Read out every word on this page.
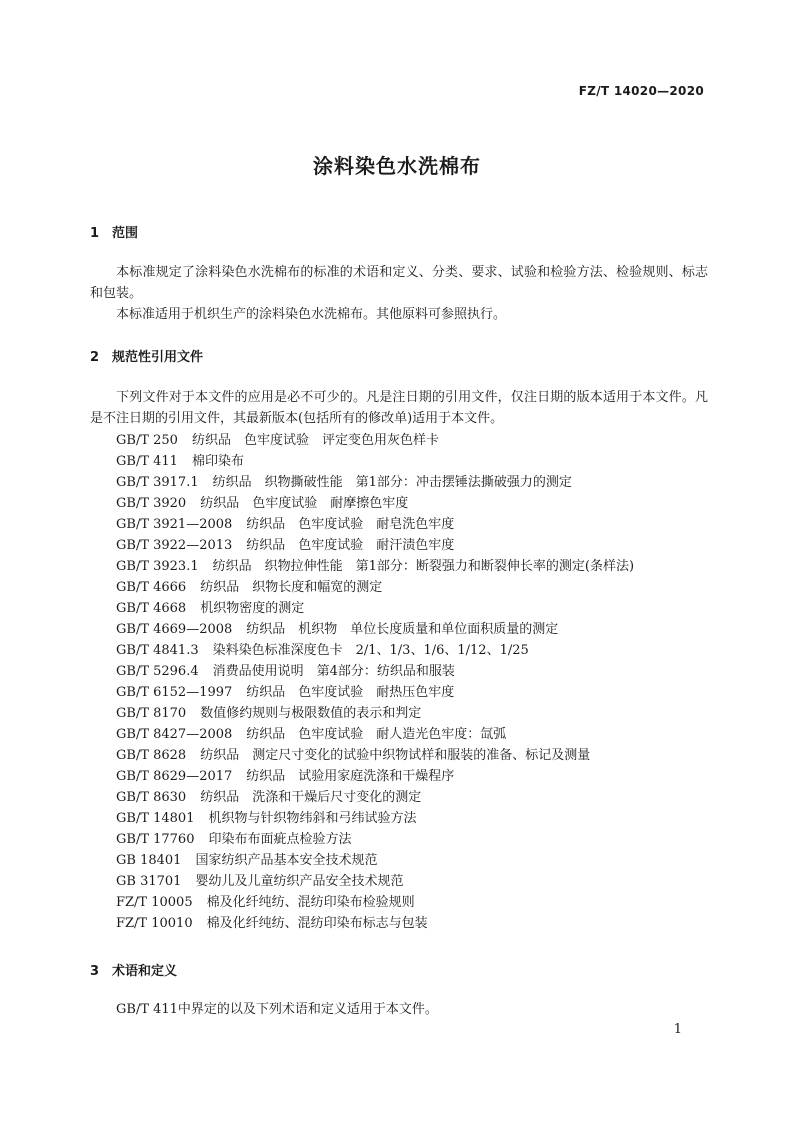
FZ/T 14020—2020
涂料染色水洗棉布
1 范围
本标准规定了涂料染色水洗棉布的标准的术语和定义、分类、要求、试验和检验方法、检验规则、标志和包装。
本标准适用于机织生产的涂料染色水洗棉布。其他原料可参照执行。
2 规范性引用文件
下列文件对于本文件的应用是必不可少的。凡是注日期的引用文件，仅注日期的版本适用于本文件。凡是不注日期的引用文件，其最新版本(包括所有的修改单)适用于本文件。
GB/T 250 纺织品　色牢度试验　评定变色用灰色样卡
GB/T 411 棉印染布
GB/T 3917.1 纺织品　织物撕破性能　第1部分：冲击摆锤法撕破强力的测定
GB/T 3920 纺织品　色牢度试验　耐摩擦色牢度
GB/T 3921—2008 纺织品　色牢度试验　耐皂洗色牢度
GB/T 3922—2013 纺织品　色牢度试验　耐汗渍色牢度
GB/T 3923.1 纺织品　织物拉伸性能　第1部分：断裂强力和断裂伸长率的测定(条样法)
GB/T 4666 纺织品　织物长度和幅宽的测定
GB/T 4668 机织物密度的测定
GB/T 4669—2008 纺织品　机织物　单位长度质量和单位面积质量的测定
GB/T 4841.3 染料染色标准深度色卡　2/1、1/3、1/6、1/12、1/25
GB/T 5296.4 消费品使用说明　第4部分：纺织品和服装
GB/T 6152—1997 纺织品　色牢度试验　耐热压色牢度
GB/T 8170 数值修约规则与极限数值的表示和判定
GB/T 8427—2008 纺织品　色牢度试验　耐人造光色牢度：氙弧
GB/T 8628 纺织品　测定尺寸变化的试验中织物试样和服装的准备、标记及测量
GB/T 8629—2017 纺织品　试验用家庭洗涤和干燥程序
GB/T 8630 纺织品　洗涤和干燥后尺寸变化的测定
GB/T 14801 机织物与针织物纬斜和弓纬试验方法
GB/T 17760 印染布布面疵点检验方法
GB 18401 国家纺织产品基本安全技术规范
GB 31701 婴幼儿及儿童纺织产品安全技术规范
FZ/T 10005 棉及化纤纯纺、混纺印染布检验规则
FZ/T 10010 棉及化纤纯纺、混纺印染布标志与包装
3 术语和定义
GB/T 411中界定的以及下列术语和定义适用于本文件。
1
